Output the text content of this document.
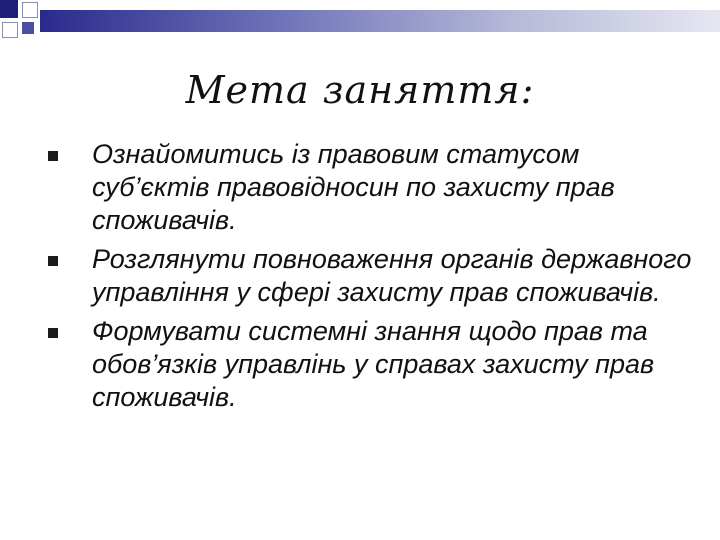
Мета заняття:
Ознайомитись із правовим статусом суб’єктів правовідносин по захисту прав споживачів.
Розглянути повноваження органів державного управління у сфері захисту прав споживачів.
Формувати системні знання щодо прав та обов’язків управлінь у справах захисту прав споживачів.
